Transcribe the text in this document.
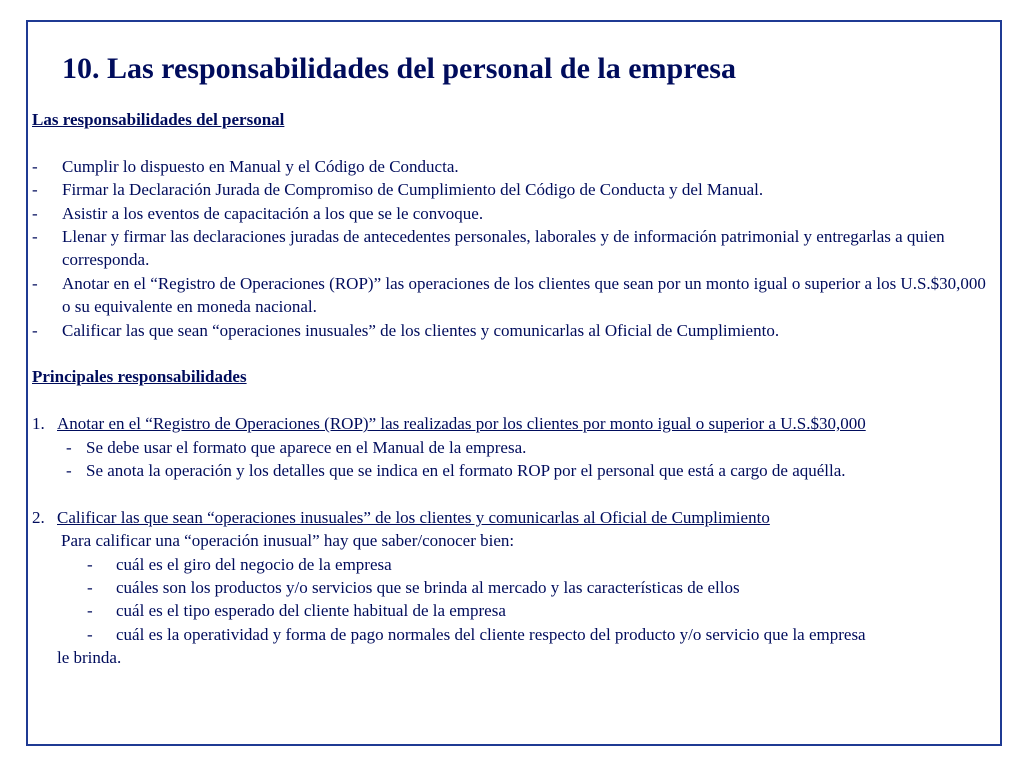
10. Las responsabilidades del personal de la empresa
Las responsabilidades del personal
- Cumplir lo dispuesto en Manual y el Código de Conducta.
- Firmar la Declaración Jurada de Compromiso de Cumplimiento del Código de Conducta y del Manual.
- Asistir a los eventos de capacitación a los que se le convoque.
- Llenar y firmar las declaraciones juradas de antecedentes personales, laborales y de información patrimonial y entregarlas a quien corresponda.
- Anotar en el “Registro de Operaciones (ROP)” las operaciones de los clientes que sean por un monto igual o superior a los U.S.$30,000 o su equivalente en moneda nacional.
- Calificar las que sean “operaciones inusuales” de los clientes y comunicarlas al Oficial de Cumplimiento.
Principales responsabilidades
1. Anotar en el “Registro de Operaciones (ROP)” las realizadas por los clientes por monto igual o superior a U.S.$30,000
- Se debe usar el formato que aparece en el Manual de la empresa.
- Se anota la operación y los detalles que se indica en el formato ROP por el personal que está a cargo de aquélla.
2. Calificar las que sean “operaciones inusuales” de los clientes y comunicarlas al Oficial de Cumplimiento
Para calificar una “operación inusual” hay que saber/conocer bien:
- cuál es el giro del negocio de la empresa
- cuáles son los productos y/o servicios que se brinda al mercado y las características de ellos
- cuál es el tipo esperado del cliente habitual de la empresa
- cuál es la operatividad y forma de pago normales del cliente respecto del producto y/o servicio que la empresa
le brinda.
